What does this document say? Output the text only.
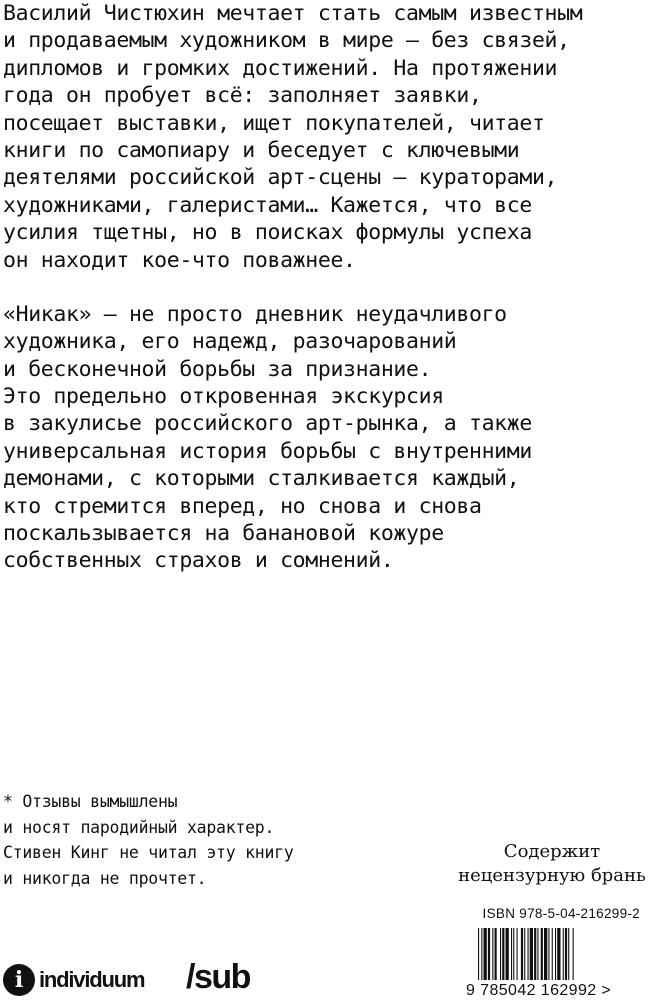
Василий Чистюхин мечтает стать самым известным
и продаваемым художником в мире — без связей,
дипломов и громких достижений. На протяжении
года он пробует всё: заполняет заявки,
посещает выставки, ищет покупателей, читает
книги по самопиару и беседует с ключевыми
деятелями российской арт-сцены — кураторами,
художниками, галеристами… Кажется, что все
усилия тщетны, но в поисках формулы успеха
он находит кое-что поважнее.
«Никак» — не просто дневник неудачливого
художника, его надежд, разочарований
и бесконечной борьбы за признание.
Это предельно откровенная экскурсия
в закулисье российского арт-рынка, а также
универсальная история борьбы с внутренними
демонами, с которыми сталкивается каждый,
кто стремится вперед, но снова и снова
поскальзывается на банановой кожуре
собственных страхов и сомнений.
* Отзывы вымышлены
и носят пародийный характер.
Стивен Кинг не читал эту книгу
и никогда не прочтет.
Содержит
нецензурную брань
ISBN 978-5-04-216299-2
9 785042 162992 >
i individuum /sub
